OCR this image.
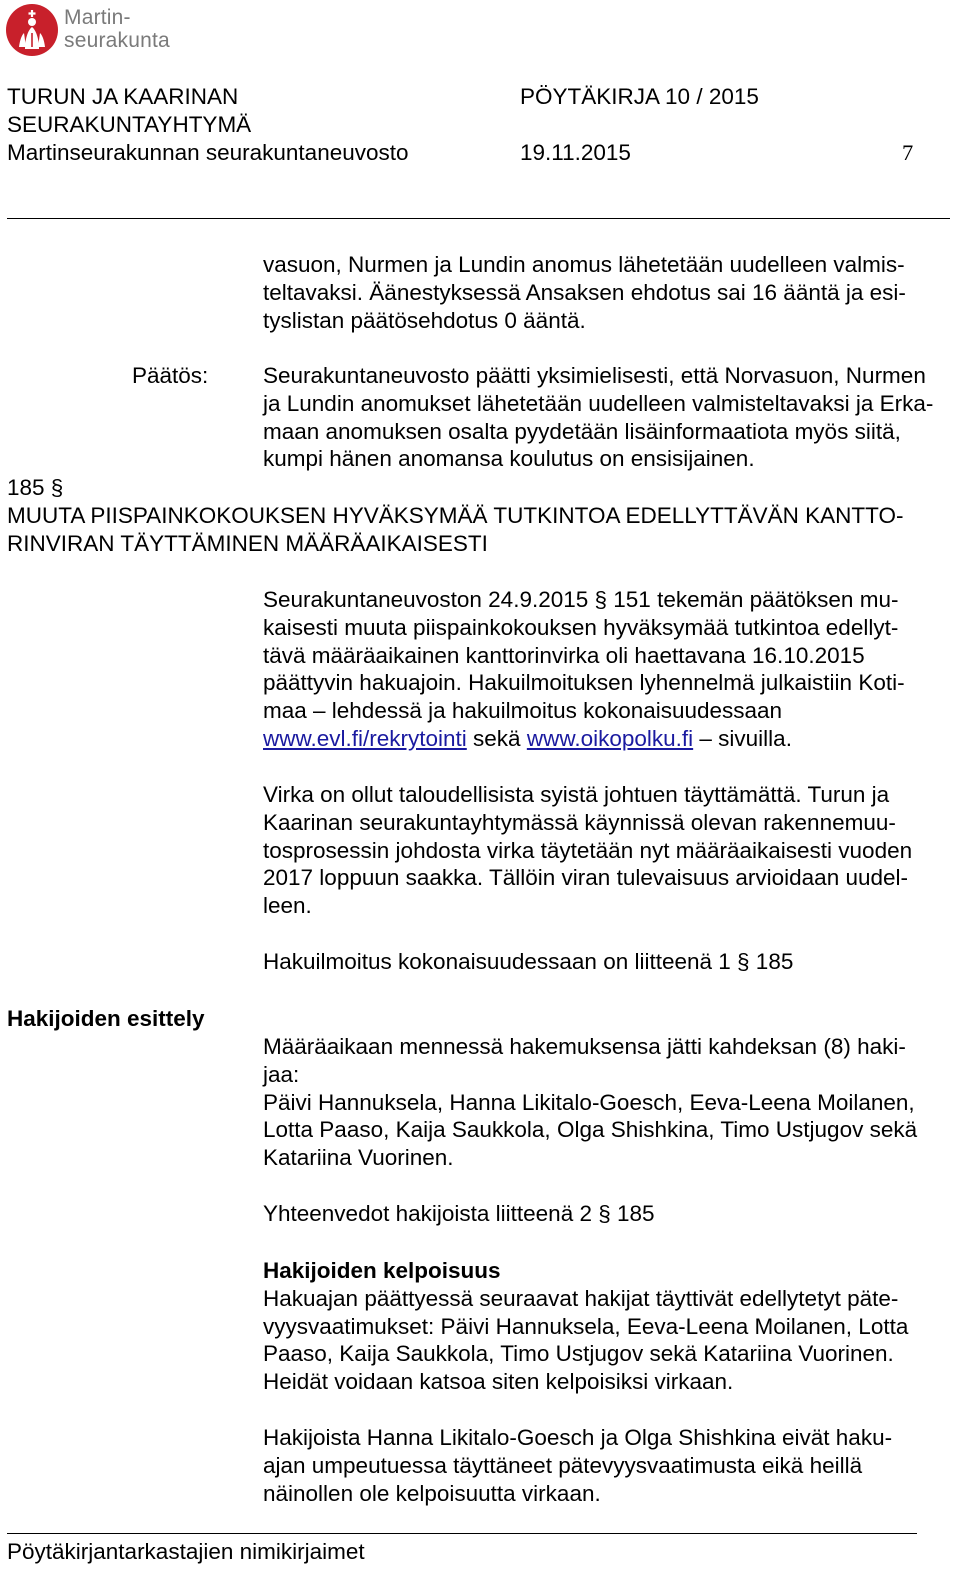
Martin-
seurakunta
TURUN JA KAARINAN
SEURAKUNTAYHTYMÄ
Martinseurakunnan seurakuntaneuvosto
PÖYTÄKIRJA 10 / 2015
19.11.2015	7
vasuon, Nurmen ja Lundin anomus lähetetään uudelleen valmis-
teltavaksi. Äänestyksessä Ansaksen ehdotus sai 16 ääntä ja esi-
tyslistan päätösehdotus 0 ääntä.
Päätös: Seurakuntaneuvosto päätti yksimielisesti, että Norvasuon, Nurmen
ja Lundin anomukset lähetetään uudelleen valmisteltavaksi ja Erka-
maan anomuksen osalta pyydetään lisäinformaatiota myös siitä,
kumpi hänen anomansa koulutus on ensisijainen.
185 §
MUUTA PIISPAINKOKOUKSEN HYVÄKSYMÄÄ TUTKINTOA EDELLYTTÄVÄN KANTTO-
RINVIRAN TÄYTTÄMINEN MÄÄRÄAIKAISESTI
Seurakuntaneuvoston 24.9.2015 § 151 tekemän päätöksen mu-
kaisesti muuta piispainkokouksen hyväksymää tutkintoa edellyt-
tävä määräaikainen kanttorinvirka oli haettavana 16.10.2015
päättyvin hakuajoin. Hakuilmoituksen lyhennelmä julkaistiin Koti-
maa – lehdessä ja hakuilmoitus kokonaisuudessaan
www.evl.fi/rekrytointi sekä www.oikopolku.fi – sivuilla.
Virka on ollut taloudellisista syistä johtuen täyttämättä. Turun ja
Kaarinan seurakuntayhtymässä käynnissä olevan rakennemuu-
tosprosessin johdosta virka täytetään nyt määräaikaisesti vuoden
2017 loppuun saakka. Tällöin viran tulevaisuus arvioidaan uudel-
leen.
Hakuilmoitus kokonaisuudessaan on liitteenä 1 § 185
Hakijoiden esittely
Määräaikaan mennessä hakemuksensa jätti kahdeksan (8) haki-
jaa:
Päivi Hannuksela, Hanna Likitalo-Goesch, Eeva-Leena Moilanen,
Lotta Paaso, Kaija Saukkola, Olga Shishkina, Timo Ustjugov sekä
Katariina Vuorinen.
Yhteenvedot hakijoista liitteenä 2 § 185
Hakijoiden kelpoisuus
Hakuajan päättyessä seuraavat hakijat täyttivät edellytetyt päte-
vyysvaatimukset: Päivi Hannuksela, Eeva-Leena Moilanen, Lotta
Paaso, Kaija Saukkola, Timo Ustjugov sekä Katariina Vuorinen.
Heidät voidaan katsoa siten kelpoisiksi virkaan.
Hakijoista Hanna Likitalo-Goesch ja Olga Shishkina eivät haku-
ajan umpeutuessa täyttäneet pätevyysvaatimusta eikä heillä
näinollen ole kelpoisuutta virkaan.
Pöytäkirjantarkastajien nimikirjaimet
